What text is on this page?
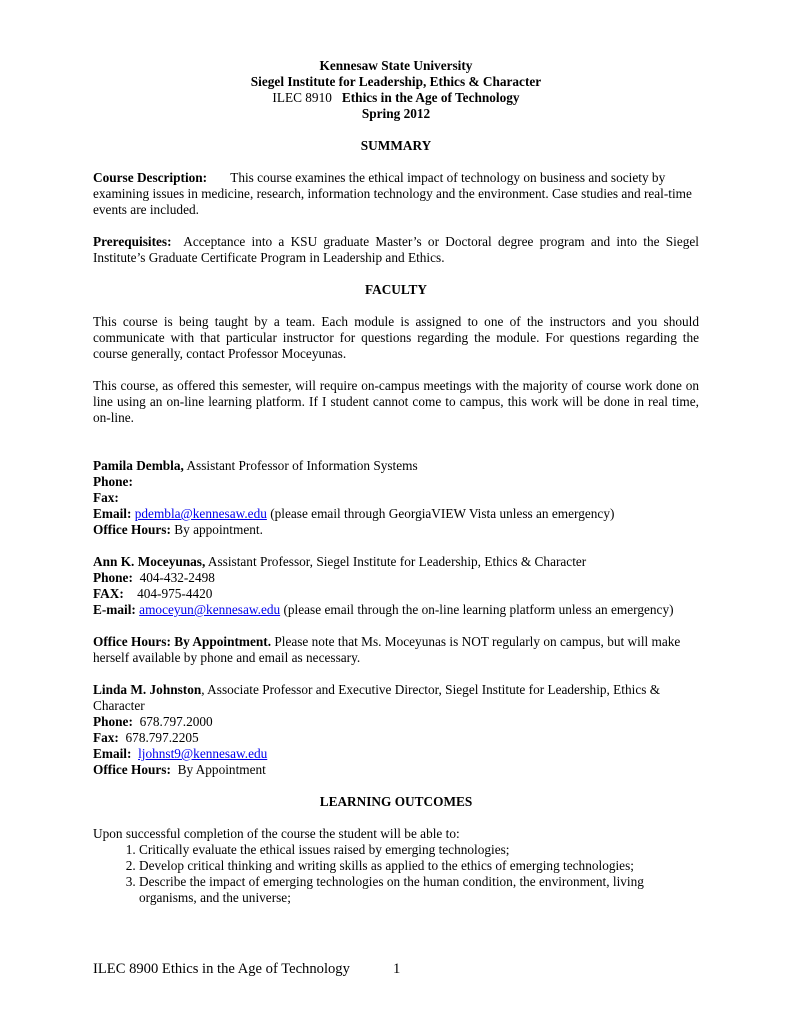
Kennesaw State University
Siegel Institute for Leadership, Ethics & Character
ILEC 8910 Ethics in the Age of Technology
Spring 2012
SUMMARY

Course Description: This course examines the ethical impact of technology on business and society by examining issues in medicine, research, information technology and the environment. Case studies and real-time events are included.

Prerequisites: Acceptance into a KSU graduate Master’s or Doctoral degree program and into the Siegel Institute’s Graduate Certificate Program in Leadership and Ethics.

FACULTY

This course is being taught by a team. Each module is assigned to one of the instructors and you should communicate with that particular instructor for questions regarding the module. For questions regarding the course generally, contact Professor Moceyunas.

This course, as offered this semester, will require on-campus meetings with the majority of course work done on line using an on-line learning platform. If I student cannot come to campus, this work will be done in real time, on-line.

Pamila Dembla, Assistant Professor of Information Systems
Phone:
Fax:
Email: pdembla@kennesaw.edu (please email through GeorgiaVIEW Vista unless an emergency)
Office Hours: By appointment.
Ann K. Moceyunas, Assistant Professor, Siegel Institute for Leadership, Ethics & Character
Phone: 404-432-2498
FAX: 404-975-4420
E-mail: amoceyun@kennesaw.edu (please email through the on-line learning platform unless an emergency)

Office Hours: By Appointment. Please note that Ms. Moceyunas is NOT regularly on campus, but will make herself available by phone and email as necessary.

Linda M. Johnston, Associate Professor and Executive Director, Siegel Institute for Leadership, Ethics & Character
Phone: 678.797.2000
Fax: 678.797.2205
Email: ljohnst9@kennesaw.edu
Office Hours: By Appointment
LEARNING OUTCOMES

Upon successful completion of the course the student will be able to:

1. Critically evaluate the ethical issues raised by emerging technologies;
2. Develop critical thinking and writing skills as applied to the ethics of emerging technologies;
3. Describe the impact of emerging technologies on the human condition, the environment, living organisms, and the universe;
ILEC 8900 Ethics in the Age of Technology	1
